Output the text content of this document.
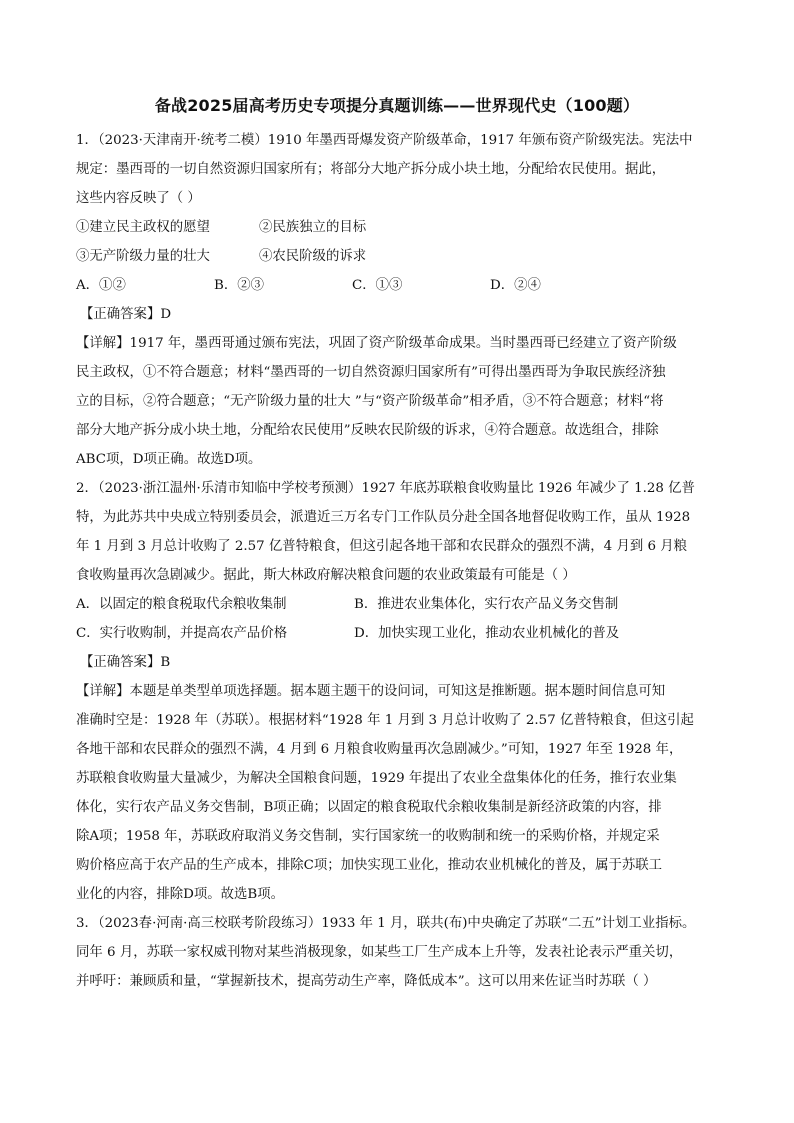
备战2025届高考历史专项提分真题训练——世界现代史（100题）

1．（2023·天津南开·统考二模）1910 年墨西哥爆发资产阶级革命，1917 年颁布资产阶级宪法。宪法中

规定：墨西哥的一切自然资源归国家所有；将部分大地产拆分成小块土地，分配给农民使用。据此，

这些内容反映了（ ）

①建立民主政权的愿望	②民族独立的目标
③无产阶级力量的壮大	④农民阶级的诉求
A．①②	B．②③	C．①③	D．②④

【正确答案】D

【详解】1917 年，墨西哥通过颁布宪法，巩固了资产阶级革命成果。当时墨西哥已经建立了资产阶级

民主政权，①不符合题意；材料“墨西哥的一切自然资源归国家所有”可得出墨西哥为争取民族经济独

立的目标，②符合题意；“无产阶级力量的壮大 ”与“资产阶级革命”相矛盾，③不符合题意；材料“将

部分大地产拆分成小块土地，分配给农民使用”反映农民阶级的诉求，④符合题意。故选组合，排除

ABC项，D项正确。故选D项。

2．（2023·浙江温州·乐清市知临中学校考预测）1927 年底苏联粮食收购量比 1926 年减少了 1.28 亿普

特，为此苏共中央成立特别委员会，派遣近三万名专门工作队员分赴全国各地督促收购工作，虽从 1928

年 1 月到 3 月总计收购了 2.57 亿普特粮食，但这引起各地干部和农民群众的强烈不满，4 月到 6 月粮

食收购量再次急剧减少。据此，斯大林政府解决粮食问题的农业政策最有可能是（ ）

A．以固定的粮食税取代余粮收集制	B．推进农业集体化，实行农产品义务交售制
C．实行收购制，并提高农产品价格	D．加快实现工业化，推动农业机械化的普及

【正确答案】B

【详解】本题是单类型单项选择题。据本题主题干的设问词，可知这是推断题。据本题时间信息可知

准确时空是：1928 年（苏联）。根据材料“1928 年 1 月到 3 月总计收购了 2.57 亿普特粮食，但这引起

各地干部和农民群众的强烈不满，4 月到 6 月粮食收购量再次急剧减少。”可知，1927 年至 1928 年，

苏联粮食收购量大量减少，为解决全国粮食问题，1929 年提出了农业全盘集体化的任务，推行农业集

体化，实行农产品义务交售制，B项正确；以固定的粮食税取代余粮收集制是新经济政策的内容，排

除A项；1958 年，苏联政府取消义务交售制，实行国家统一的收购制和统一的采购价格，并规定采

购价格应高于农产品的生产成本，排除C项；加快实现工业化，推动农业机械化的普及，属于苏联工

业化的内容，排除D项。故选B项。

3．（2023春·河南·高三校联考阶段练习）1933 年 1 月，联共(布)中央确定了苏联“二五”计划工业指标。

同年 6 月，苏联一家权威刊物对某些消极现象，如某些工厂生产成本上升等，发表社论表示严重关切，

并呼吁：兼顾质和量，“掌握新技术，提高劳动生产率，降低成本”。这可以用来佐证当时苏联（ ）
